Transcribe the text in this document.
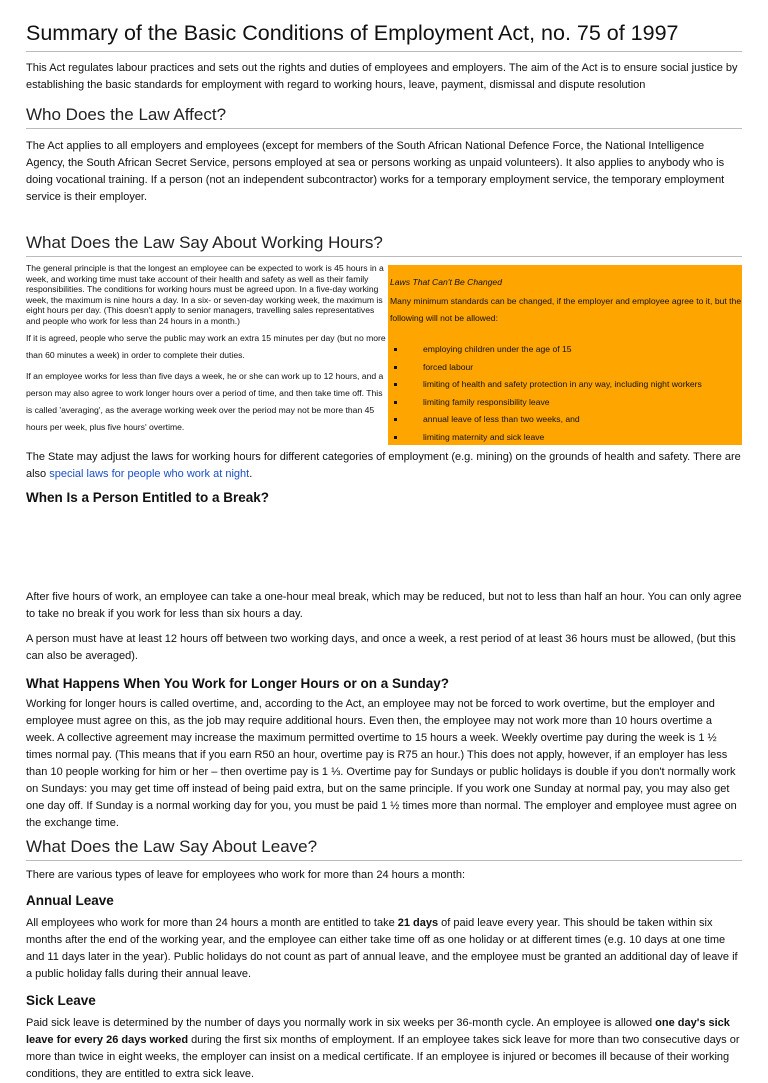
Summary of the Basic Conditions of Employment Act, no. 75 of 1997

This Act regulates labour practices and sets out the rights and duties of employees and employers. The aim of the Act is to ensure social justice by establishing the basic standards for employment with regard to working hours, leave, payment, dismissal and dispute resolution

Who Does the Law Affect?

The Act applies to all employers and employees (except for members of the South African National Defence Force, the National Intelligence Agency, the South African Secret Service, persons employed at sea or persons working as unpaid volunteers). It also applies to anybody who is doing vocational training. If a person (not an independent subcontractor) works for a temporary employment service, the temporary employment service is their employer.

What Does the Law Say About Working Hours?

The general principle is that the longest an employee can be expected to work is 45 hours in a week, and working time must take account of their health and safety as well as their family responsibilities. The conditions for working hours must be agreed upon. In a five-day working week, the maximum is nine hours a day. In a six- or seven-day working week, the maximum is eight hours per day. (This doesn't apply to senior managers, travelling sales representatives and people who work for less than 24 hours in a month.)

If it is agreed, people who serve the public may work an extra 15 minutes per day (but no more than 60 minutes a week) in order to complete their duties.

If an employee works for less than five days a week, he or she can work up to 12 hours, and a person may also agree to work longer hours over a period of time, and then take time off. This is called 'averaging', as the average working week over the period may not be more than 45 hours per week, plus five hours' overtime.

Laws That Can't Be Changed
Many minimum standards can be changed, if the employer and employee agree to it, but the following will not be allowed:
employing children under the age of 15
forced labour
limiting of health and safety protection in any way, including night workers
limiting family responsibility leave
annual leave of less than two weeks, and
limiting maternity and sick leave

The State may adjust the laws for working hours for different categories of employment (e.g. mining) on the grounds of health and safety. There are also special laws for people who work at night.

When Is a Person Entitled to a Break?

After five hours of work, an employee can take a one-hour meal break, which may be reduced, but not to less than half an hour. You can only agree to take no break if you work for less than six hours a day.

A person must have at least 12 hours off between two working days, and once a week, a rest period of at least 36 hours must be allowed, (but this can also be averaged).

What Happens When You Work for Longer Hours or on a Sunday?

Working for longer hours is called overtime, and, according to the Act, an employee may not be forced to work overtime, but the employer and employee must agree on this, as the job may require additional hours. Even then, the employee may not work more than 10 hours overtime a week. A collective agreement may increase the maximum permitted overtime to 15 hours a week. Weekly overtime pay during the week is 1 ½ times normal pay. (This means that if you earn R50 an hour, overtime pay is R75 an hour.) This does not apply, however, if an employer has less than 10 people working for him or her – then overtime pay is 1 ⅓. Overtime pay for Sundays or public holidays is double if you don't normally work on Sundays: you may get time off instead of being paid extra, but on the same principle. If you work one Sunday at normal pay, you may also get one day off. If Sunday is a normal working day for you, you must be paid 1 ½ times more than normal. The employer and employee must agree on the exchange time.

What Does the Law Say About Leave?

There are various types of leave for employees who work for more than 24 hours a month:

Annual Leave

All employees who work for more than 24 hours a month are entitled to take 21 days of paid leave every year. This should be taken within six months after the end of the working year, and the employee can either take time off as one holiday or at different times (e.g. 10 days at one time and 11 days later in the year). Public holidays do not count as part of annual leave, and the employee must be granted an additional day of leave if a public holiday falls during their annual leave.

Sick Leave

Paid sick leave is determined by the number of days you normally work in six weeks per 36-month cycle. An employee is allowed one day's sick leave for every 26 days worked during the first six months of employment. If an employee takes sick leave for more than two consecutive days or more than twice in eight weeks, the employer can insist on a medical certificate. If an employee is injured or becomes ill because of their working conditions, they are entitled to extra sick leave.
